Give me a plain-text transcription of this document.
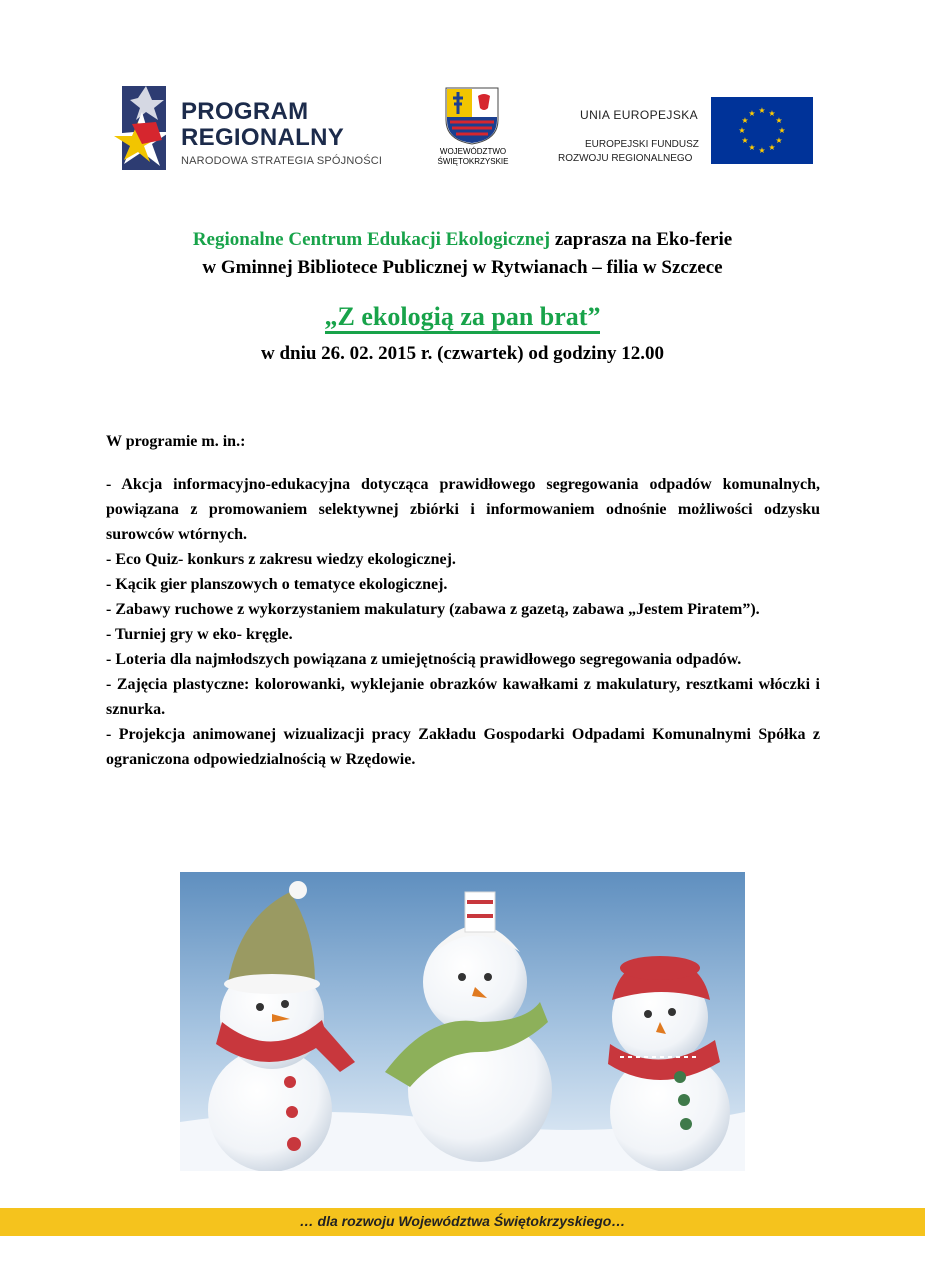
PROGRAM
REGIONALNY
NARODOWA STRATEGIA SPÓJNOŚCI
WOJEWÓDZTWO
ŚWIĘTOKRZYSKIE
UNIA EUROPEJSKA
EUROPEJSKI FUNDUSZ
ROZWOJU REGIONALNEGO
★ ★
★
★
★
★
★
★
★
★
★
★
Regionalne Centrum Edukacji Ekologicznej zaprasza na Eko-ferie
w Gminnej Bibliotece Publicznej w Rytwianach – filia w Szczece
„Z ekologią za pan brat”
w dniu 26. 02. 2015 r. (czwartek) od godziny 12.00
W programie m. in.:

- Akcja informacyjno-edukacyjna dotycząca prawidłowego segregowania odpadów komunalnych, powiązana z promowaniem selektywnej zbiórki i informowaniem odnośnie możliwości odzysku surowców wtórnych.

- Eco Quiz- konkurs z zakresu wiedzy ekologicznej.

- Kącik gier planszowych o tematyce ekologicznej.

- Zabawy ruchowe z wykorzystaniem makulatury (zabawa z gazetą, zabawa „Jestem Piratem”).

- Turniej gry w eko- kręgle.

- Loteria dla najmłodszych powiązana z umiejętnością prawidłowego segregowania odpadów.

- Zajęcia plastyczne: kolorowanki, wyklejanie obrazków kawałkami z makulatury, resztkami włóczki i sznurka.

- Projekcja animowanej wizualizacji pracy Zakładu Gospodarki Odpadami Komunalnymi Spółka z ograniczona odpowiedzialnością w Rzędowie.

… dla rozwoju Województwa Świętokrzyskiego…
